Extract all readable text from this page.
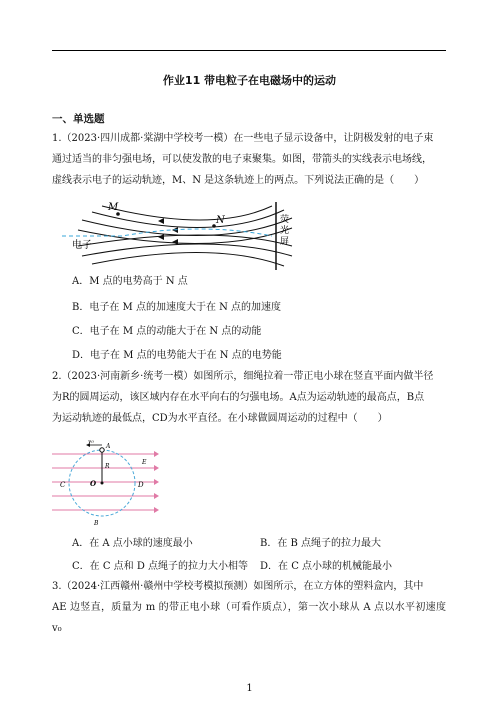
作业11 带电粒子在电磁场中的运动
一、单选题
1.（2023·四川成都·棠湖中学校考一模）在一些电子显示设备中，让阴极发射的电子束
通过适当的非匀强电场，可以使发散的电子束聚集。如图，带箭头的实线表示电场线，
虚线表示电子的运动轨迹，M、N 是这条轨迹上的两点。下列说法正确的是（　　）
M
N
电子
荧
光
屏
A．M 点的电势高于 N 点
B．电子在 M 点的加速度大于在 N 点的加速度
C．电子在 M 点的动能大于在 N 点的动能
D．电子在 M 点的电势能大于在 N 点的电势能
2.（2023·河南新乡·统考一模）如图所示，细绳拉着一带正电小球在竖直平面内做半径
为R的圆周运动，该区域内存在水平向右的匀强电场。A点为运动轨迹的最高点，B点
为运动轨迹的最低点，CD为水平直径。在小球做圆周运动的过程中（　　）
v₀
A
R
E
C	O	D
B
A．在 A 点小球的速度最小	B．在 B 点绳子的拉力最大
C．在 C 点和 D 点绳子的拉力大小相等 D．在 C 点小球的机械能最小
3.（2024·江西赣州·赣州中学校考模拟预测）如图所示，在立方体的塑料盒内，其中
AE 边竖直，质量为 m 的带正电小球（可看作质点），第一次小球从 A 点以水平初速度 v₀
1
